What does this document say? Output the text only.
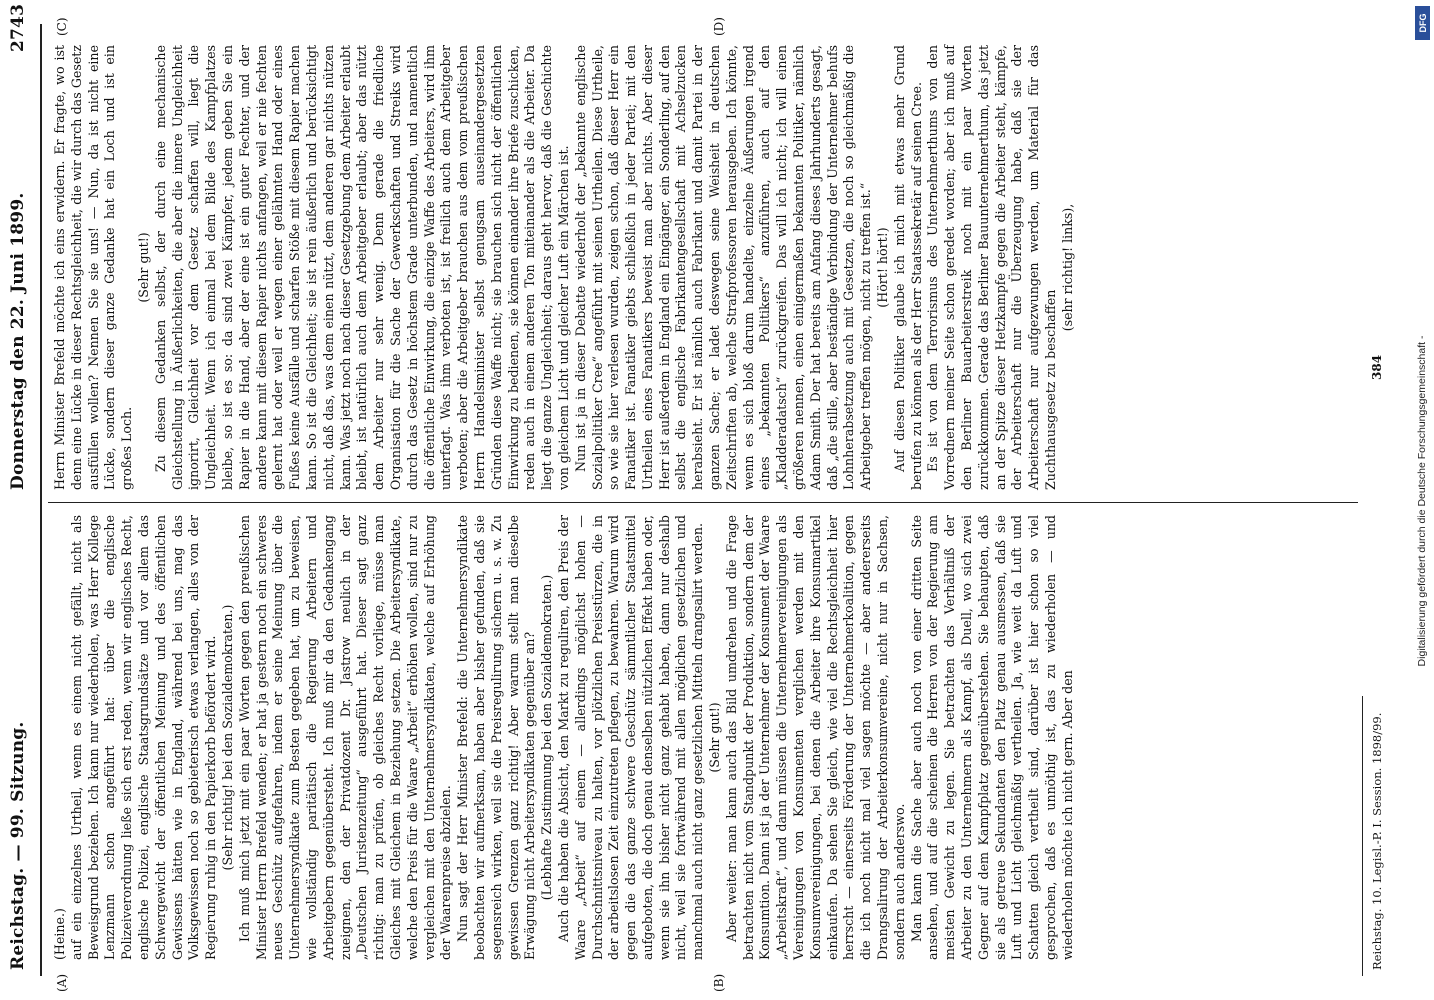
Reichstag. — 99. Sitzung.
Donnerstag den 22. Juni 1899.
2743
(A)	(B)
(C)	(D)

(Heine.) auf ein einzelnes Urtheil, wenn es einem nicht gefällt, nicht als Beweisgrund beziehen. Ich kann nur wiederholen, was Herr Kollege Lenzmann schon angeführt hat: über die englische Polizeiverordnung ließe sich erst reden, wenn wir englisches Recht, englische Polizei, englische Staatsgrundsätze und vor allem das Schwergewicht der öffentlichen Meinung und des öffentlichen Gewissens hätten wie in England, während bei uns, mag das Volksgewissen noch so gebieterisch etwas verlangen, alles von der Regierung ruhig in den Papierkorb befördert wird. (Sehr richtig! bei den Sozialdemokraten.) Ich muß mich jetzt mit ein paar Worten gegen den preußischen Minister Herrn Brefeld wenden; er hat ja gestern noch ein schweres neues Geschütz aufgefahren, indem er seine Meinung über die Unternehmersyndikate zum Besten gegeben hat, um zu beweisen, wie vollständig paritätisch die Regierung Arbeitern und Arbeitgebern gegenübersteht. Ich muß mir da den Gedankengang zueignen, den der Privatdozent Dr. Jastrow neulich in der „Deutschen Juristenzeitung“ ausgeführt hat. Dieser sagt ganz richtig: man zu prüfen, ob gleiches Recht vorliege, müsse man Gleiches mit Gleichem in Beziehung setzen. Die Arbeitersyndikate, welche den Preis für die Waare „Arbeit“ erhöhen wollen, sind nur zu vergleichen mit den Unternehmersyndikaten, welche auf Erhöhung der Waarenpreise abzielen. Nun sagt der Herr Minister Brefeld: die Unternehmersyndikate beobachten wir aufmerksam, haben aber bisher gefunden, daß sie segensreich wirken, weil sie die Preisregulirung sichern u. s. w. Zu gewissen Grenzen ganz richtig! Aber warum stellt man dieselbe Erwägung nicht Arbeitersyndikaten gegenüber an? (Lebhafte Zustimmung bei den Sozialdemokraten.) Auch die haben die Absicht, den Markt zu reguliren, den Preis der Waare „Arbeit“ auf einem — allerdings möglichst hohen — Durchschnittsniveau zu halten, vor plötzlichen Preisstürzen, die in der arbeitslosen Zeit einzutreten pflegen, zu bewahren. Warum wird gegen die das ganze schwere Geschütz sämmtlicher Staatsmittel aufgeboten, die doch genau denselben nützlichen Effekt haben oder, wenn sie ihn bisher nicht ganz gehabt haben, dann nur deshalb nicht, weil sie fortwährend mit allen möglichen gesetzlichen und manchmal auch nicht ganz gesetzlichen Mitteln drangsalirt werden. (Sehr gut!) Aber weiter: man kann auch das Bild umdrehen und die Frage betrachten nicht vom Standpunkt der Produktion, sondern dem der Konsumtion. Dann ist ja der Unternehmer der Konsument der Waare „Arbeitskraft“, und dann müssen die Unternehmervereinigungen als Vereinigungen von Konsumenten verglichen werden mit den Konsumvereinigungen, bei denen die Arbeiter ihre Konsumartikel einkaufen. Da sehen Sie gleich, wie viel die Rechtsgleichheit hier herrscht — einerseits Förderung der Unternehmerkoalition, gegen die ich noch nicht mal viel sagen möchte — aber andererseits Drangsalirung der Arbeiterkonsumvereine, nicht nur in Sachsen, sondern auch anderswo. Man kann die Sache aber auch noch von einer dritten Seite ansehen, und auf die scheinen die Herren von der Regierung am meisten Gewicht zu legen. Sie betrachten das Verhältniß der Arbeiter zu den Unternehmern als Kampf, als Duell, wo sich zwei Gegner auf dem Kampfplatz gegenüberstehen. Sie behaupten, daß sie als getreue Sekundanten den Platz genau ausmessen, daß sie Luft und Licht gleichmäßig vertheilen. Ja, wie weit da Luft und Schatten gleich vertheilt sind, darüber ist hier schon so viel gesprochen, daß es unnöthig ist, das zu wiederholen — und wiederholen möchte ich nicht gern. Aber den

Herrn Minister Brefeld möchte ich eins erwidern. Er fragte, wo ist denn eine Lücke in dieser Rechtsgleichheit, die wir durch das Gesetz ausfüllen wollen? Nennen Sie sie uns! — Nun, da ist nicht eine Lücke, sondern dieser ganze Gedanke hat ein Loch und ist ein großes Loch.

(Sehr gut!) Zu diesem Gedanken selbst, der durch eine mechanische Gleichstellung in Äußerlichkeiten, die aber die innere Ungleichheit ignorirt, Gleichheit vor dem Gesetz schaffen will, liegt die Ungleichheit. Wenn ich einmal bei dem Bilde des Kampfplatzes bleibe, so ist es so: da sind zwei Kämpfer, jedem geben Sie ein Rapier in die Hand, aber der eine ist ein guter Fechter, und der andere kann mit diesem Rapier nichts anfangen, weil er nie fechten gelernt hat oder weil er wegen einer gelähmten Hand oder eines Fußes keine Ausfälle und scharfen Stöße mit diesem Rapier machen kann. So ist die Gleichheit; sie ist rein äußerlich und berücksichtigt nicht, daß das, was dem einen nützt, dem anderen gar nichts nützen kann. Was jetzt noch nach dieser Gesetzgebung dem Arbeiter erlaubt bleibt, ist natürlich auch dem Arbeitgeber erlaubt; aber das nützt dem Arbeiter nur sehr wenig. Denn gerade die friedliche Organisation für die Sache der Gewerkschaften und Streiks wird durch das Gesetz in höchstem Grade unterbunden, und namentlich die öffentliche Einwirkung, die einzige Waffe des Arbeiters, wird ihm unterfagt. Was ihm verboten ist, ist freilich auch dem Arbeitgeber verboten; aber die Arbeitgeber brauchen aus dem vom preußischen Herrn Handelsminister selbst genugsam auseinandergesetzten Gründen diese Waffe nicht; sie brauchen sich nicht der öffentlichen Einwirkung zu bedienen, sie können einander ihre Briefe zuschicken, reden auch in einem anderen Ton miteinander als die Arbeiter. Da liegt die ganze Ungleichheit; daraus geht hervor, daß die Geschichte von gleichem Licht und gleicher Luft ein Märchen ist. Nun ist ja in dieser Debatte wiederholt der „bekannte englische Sozialpolitiker Cree“ angeführt mit seinen Urtheilen. Diese Urtheile, so wie sie hier verlesen wurden, zeigen schon, daß dieser Herr ein Fanatiker ist. Fanatiker giebts schließlich in jeder Partei; mit den Urtheilen eines Fanatikers beweist man aber nichts. Aber dieser Herr ist außerdem in England ein Eingänger, ein Sonderling, auf den selbst die englische Fabrikantengesellschaft mit Achselzucken herabsieht. Er ist nämlich auch Fabrikant und damit Partei in der ganzen Sache; er ladet deswegen seine Weisheit in deutschen Zeitschriften ab, welche Strafprofessoren herausgeben. Ich könnte, wenn es sich bloß darum handelte, einzelne Äußerungen irgend eines „bekannten Politikers“ anzuführen, auch auf den „Kladderadatsch“ zurückgreifen. Das will ich nicht; ich will einen größeren nennen, einen einigermaßen bekannten Politiker, nämlich Adam Smith. Der hat bereits am Anfang dieses Jahrhunderts gesagt, daß „die stille, aber beständige Verbindung der Unternehmer behufs Lohnherabsetzung auch mit Gesetzen, die noch so gleichmäßig die Arbeitgeber treffen mögen, nicht zu treffen ist.“ (Hört! hört!) Auf diesen Politiker glaube ich mich mit etwas mehr Grund berufen zu können als der Herr Staatssekretär auf seinen Cree. Es ist von dem Terrorismus des Unternehmerthums von den Vorrednern meiner Seite schon geredet worden; aber ich muß auf den Berliner Bauarbeiterstreik noch mit ein paar Worten zurückkommen. Gerade das Berliner Bauunternehmerthum, das jetzt an der Spitze dieser Hetzkampfe gegen die Arbeiter steht, kämpfe, der Arbeiterschaft nur die Überzeugung habe, daß sie der Arbeiterschaft nur aufgezwungen werden, um Material für das Zuchthausgesetz zu beschaffen

(sehr richtig! links),

Reichstag. 10. Legisl.-P. I. Session. 1898/99.
384	Digitalisierung gefördert durch die Deutsche Forschungsgemeinschaft -
DFG
